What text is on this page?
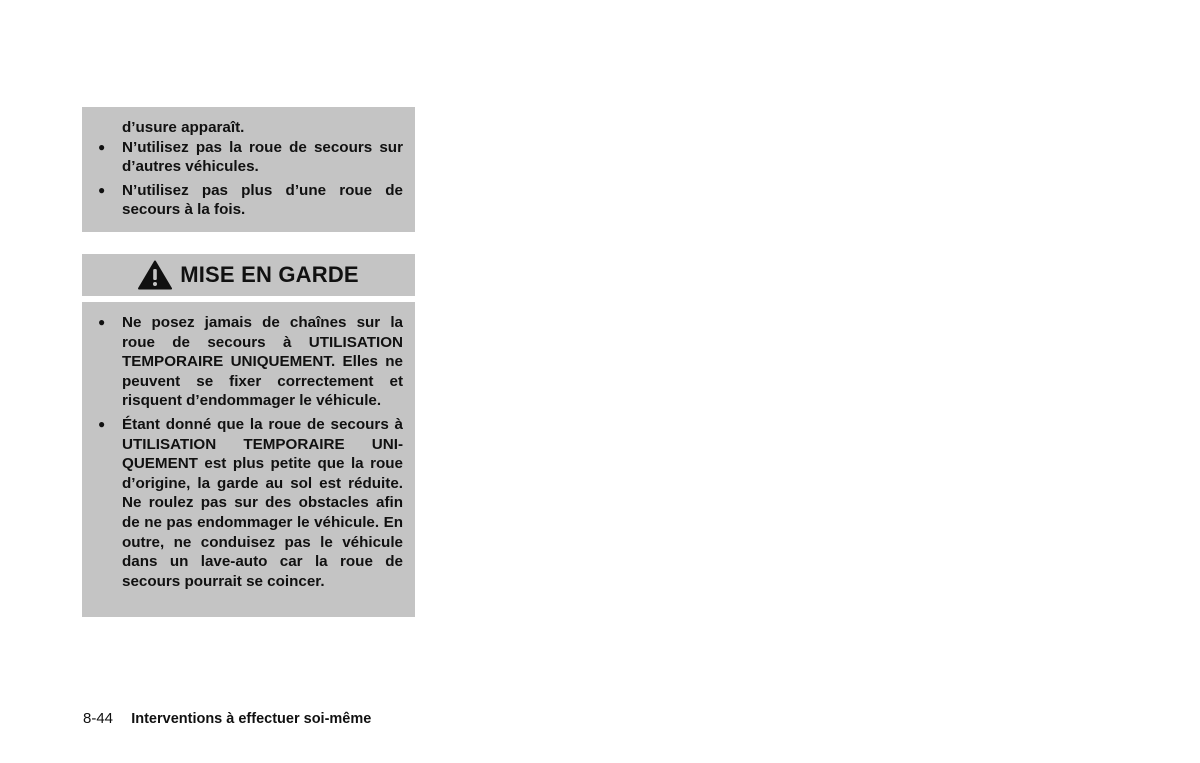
d’usure apparaît.
● N’utilisez pas la roue de secours sur d’autres véhicules.
● N’utilisez pas plus d’une roue de secours à la fois.
MISE EN GARDE
● Ne posez jamais de chaînes sur la roue de secours à UTILISATION TEMPORAIRE UNIQUEMENT. Elles ne peuvent se fixer correctement et risquent d’endommager le véhicule.
● Étant donné que la roue de secours à UTILISATION TEMPORAIRE UNIQUEMENT est plus petite que la roue d’origine, la garde au sol est réduite. Ne roulez pas sur des obstacles afin de ne pas endommager le véhicule. En outre, ne conduisez pas le véhicule dans un lave-auto car la roue de secours pourrait se coincer.
8-44 Interventions à effectuer soi-même
